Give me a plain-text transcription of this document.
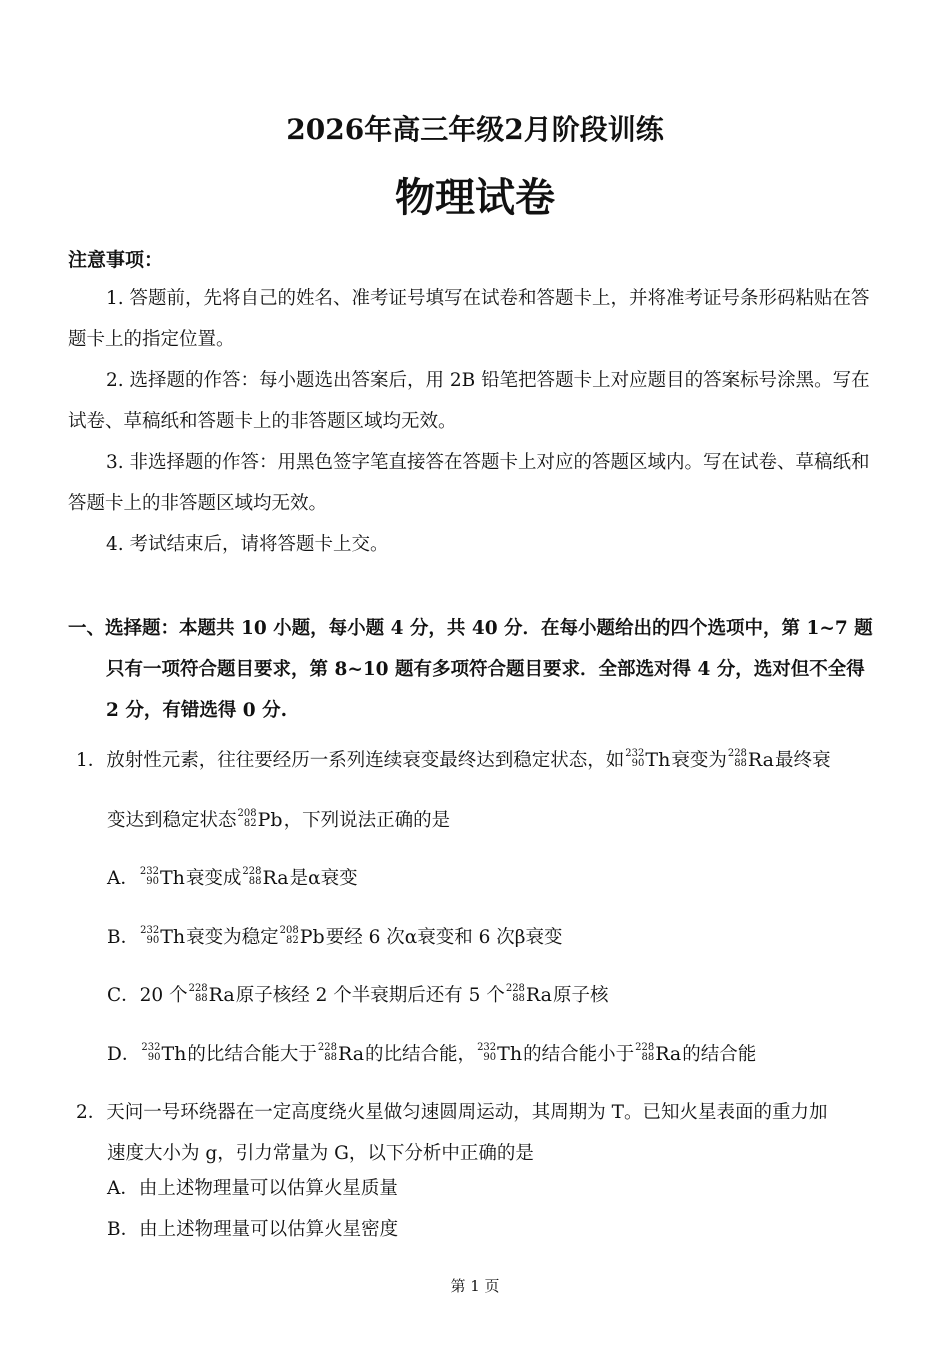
2026年高三年级2月阶段训练
物理试卷
注意事项：

1. 答题前，先将自己的姓名、准考证号填写在试卷和答题卡上，并将准考证号条形码粘贴在答题卡上的指定位置。

2. 选择题的作答：每小题选出答案后，用 2B 铅笔把答题卡上对应题目的答案标号涂黑。写在试卷、草稿纸和答题卡上的非答题区域均无效。

3. 非选择题的作答：用黑色签字笔直接答在答题卡上对应的答题区域内。写在试卷、草稿纸和答题卡上的非答题区域均无效。

4. 考试结束后，请将答题卡上交。

一、选择题：本题共 10 小题，每小题 4 分，共 40 分．在每小题给出的四个选项中，第 1~7 题
只有一项符合题目要求，第 8~10 题有多项符合题目要求．全部选对得 4 分，选对但不全得
2 分，有错选得 0 分.
1．放射性元素，往往要经历一系列连续衰变最终达到稳定状态，如 232
90 Th衰变为 228
88 Ra最终衰
变达到稳定状态 208
82 Pb，下列说法正确的是
A． 232
90 Th衰变成 228
88 Ra是α衰变
B． 232
90 Th衰变为稳定 208
82 Pb要经 6 次α衰变和 6 次β衰变
C．20 个 228
88 Ra原子核经 2 个半衰期后还有 5 个 228
88 Ra原子核
D． 232
90 Th的比结合能大于 228
88 Ra的比结合能， 232
90 Th的结合能小于 228
88 Ra的结合能
2．天问一号环绕器在一定高度绕火星做匀速圆周运动，其周期为 T。已知火星表面的重力加
速度大小为 g，引力常量为 G，以下分析中正确的是
A．由上述物理量可以估算火星质量
B．由上述物理量可以估算火星密度
第 1 页
